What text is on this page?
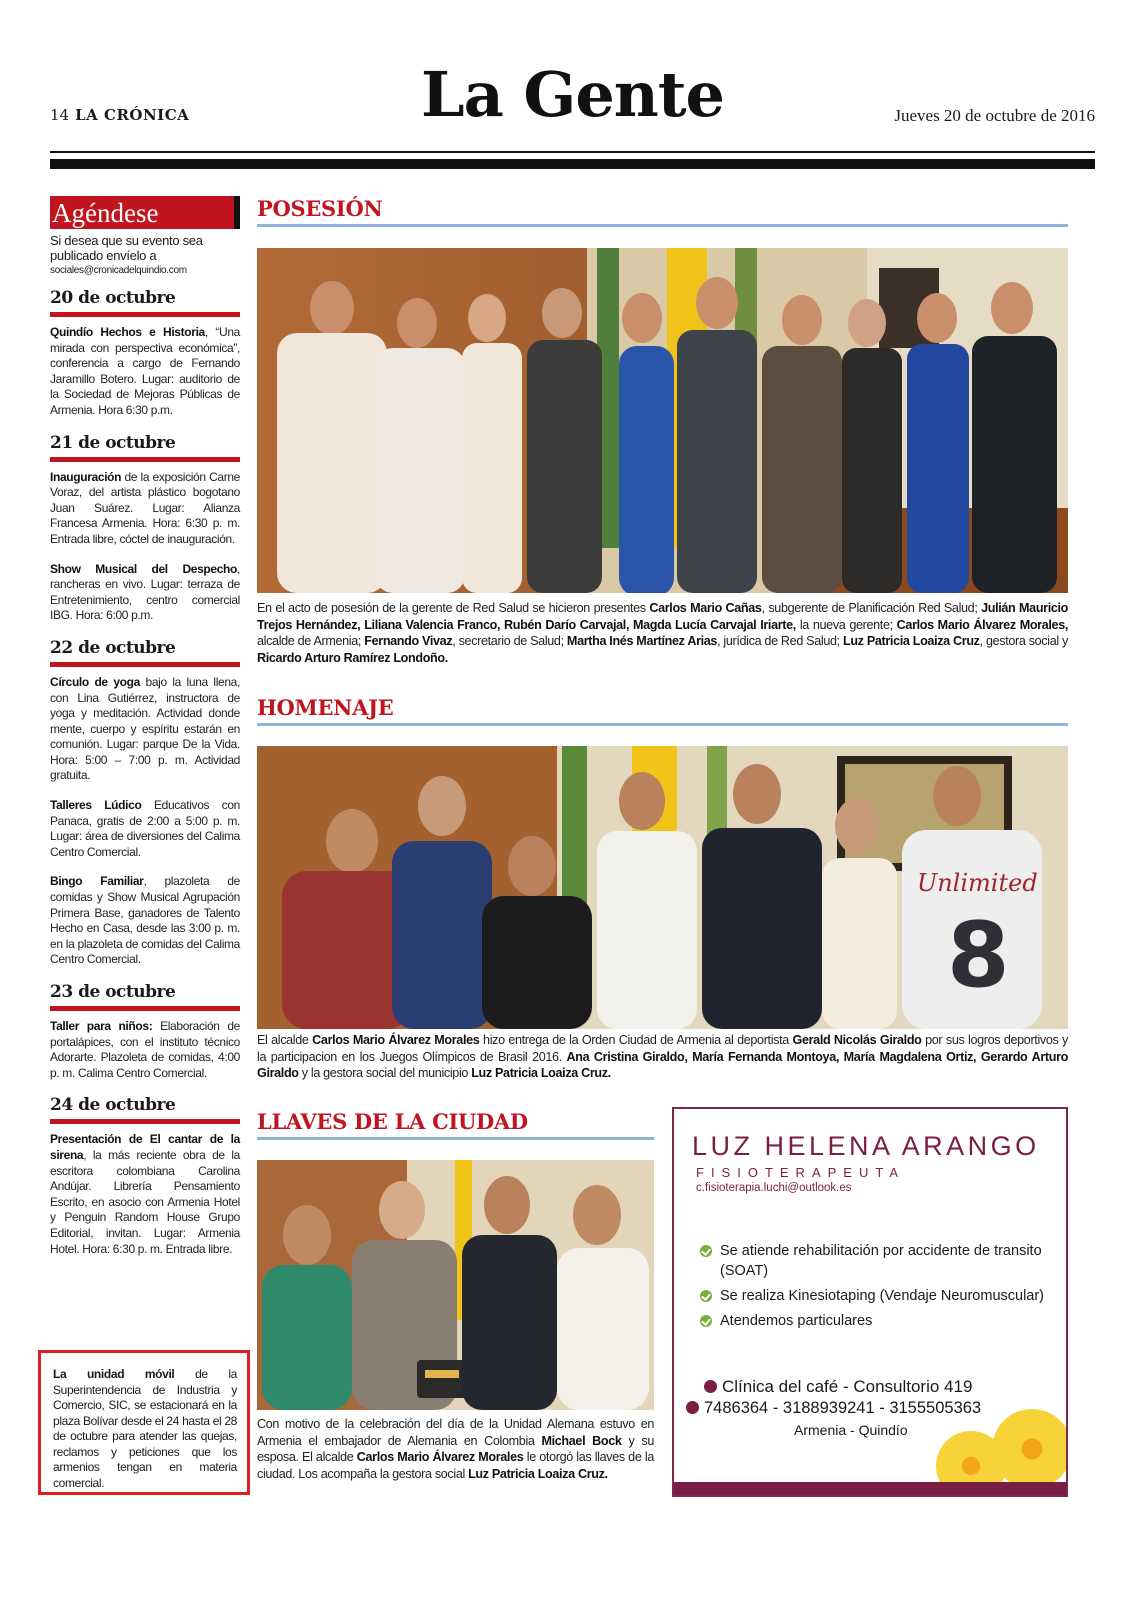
14 LA CRÓNICA	La Gente	Jueves 20 de octubre de 2016
Agéndese
Si desea que su evento sea publicado envíelo a
sociales@cronicadelquindio.com
20 de octubre
Quindío Hechos e Historia, “Una mirada con perspectiva económica”, conferencia a cargo de Fernando Jaramillo Botero. Lugar: auditorio de la Sociedad de Mejoras Públicas de Armenia. Hora 6:30 p.m.
21 de octubre
Inauguración de la exposición Carne Voraz, del artista plástico bogotano Juan Suárez. Lugar: Alianza Francesa Armenia. Hora: 6:30 p. m. Entrada libre, cóctel de inauguración.
Show Musical del Despecho, rancheras en vivo. Lugar: terraza de Entretenimiento, centro comercial IBG. Hora: 6:00 p.m.
22 de octubre
Círculo de yoga bajo la luna llena, con Lina Gutiérrez, instructora de yoga y meditación. Actividad donde mente, cuerpo y espíritu estarán en comunión. Lugar: parque De la Vida. Hora: 5:00 – 7:00 p. m. Actividad gratuita.
Talleres Lúdico Educativos con Panaca, gratis de 2:00 a 5:00 p. m. Lugar: área de diversiones del Calima Centro Comercial.
Bingo Familiar, plazoleta de comidas y Show Musical Agrupación Primera Base, ganadores de Talento Hecho en Casa, desde las 3:00 p. m. en la plazoleta de comidas del Calima Centro Comercial.
23 de octubre
Taller para niños: Elaboración de portalápices, con el instituto técnico Adorarte. Plazoleta de comidas, 4:00 p. m. Calima Centro Comercial.
24 de octubre
Presentación de El cantar de la sirena, la más reciente obra de la escritora colombiana Carolina Andújar. Librería Pensamiento Escrito, en asocio con Armenia Hotel y Penguin Random House Grupo Editorial, invitan. Lugar: Armenia Hotel. Hora: 6:30 p. m. Entrada libre.
La unidad móvil de la Superintendencia de Industria y Comercio, SIC, se estacionará en la plaza Bolívar desde el 24 hasta el 28 de octubre para atender las quejas, reclamos y peticiones que los armenios tengan en materia comercial.
POSESIÓN
En el acto de posesión de la gerente de Red Salud se hicieron presentes Carlos Mario Cañas, subgerente de Planificación Red Salud; Julián Mauricio Trejos Hernández, Liliana Valencia Franco, Rubén Darío Carvajal, Magda Lucía Carvajal Iriarte, la nueva gerente; Carlos Mario Álvarez Morales, alcalde de Armenia; Fernando Vivaz, secretario de Salud; Martha Inés Martínez Arias, jurídica de Red Salud; Luz Patricia Loaiza Cruz, gestora social y Ricardo Arturo Ramírez Londoño.
HOMENAJE
Unlimited
8
El alcalde Carlos Mario Álvarez Morales hizo entrega de la Orden Ciudad de Armenia al deportista Gerald Nicolás Giraldo por sus logros deportivos y la participacion en los Juegos Olímpicos de Brasil 2016. Ana Cristina Giraldo, María Fernanda Montoya, María Magdalena Ortiz, Gerardo Arturo Giraldo y la gestora social del municipio Luz Patricia Loaiza Cruz.
LLAVES DE LA CIUDAD
Con motivo de la celebración del día de la Unidad Alemana estuvo en Armenia el embajador de Alemania en Colombia Michael Bock y su esposa. El alcalde Carlos Mario Álvarez Morales le otorgó las llaves de la ciudad. Los acompaña la gestora social Luz Patricia Loaiza Cruz.
LUZ HELENA ARANGO
FISIOTERAPEUTA
c.fisioterapia.luchi@outlook.es
Se atiende rehabilitación por accidente de transito (SOAT)
Se realiza Kinesiotaping (Vendaje Neuromuscular)
Atendemos particulares
Clínica del café - Consultorio 419
7486364 - 3188939241 - 3155505363
Armenia - Quindío
